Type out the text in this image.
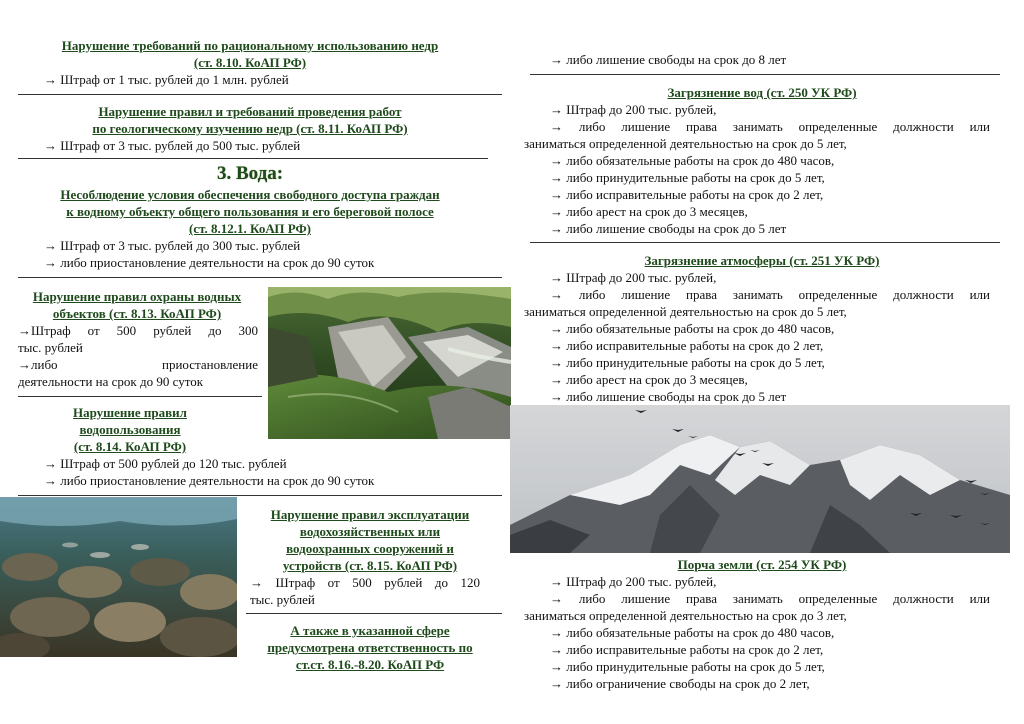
Нарушение требований по рациональному использованию недр
(ст. 8.10. КоАП РФ)
→ Штраф от 1 тыс. рублей до 1 млн. рублей
Нарушение правил и требований проведения работ
по геологическому изучению недр (ст. 8.11. КоАП РФ)
→ Штраф от 3 тыс. рублей до 500 тыс. рублей
3. Вода:
Несоблюдение условия обеспечения свободного доступа граждан
к водному объекту общего пользования и его береговой полосе
(ст. 8.12.1. КоАП РФ)
→ Штраф от 3 тыс. рублей до 300 тыс. рублей
→ либо приостановление деятельности на срок до 90 суток
Нарушение правил охраны водных
объектов (ст. 8.13. КоАП РФ)
→Штраф от 500 рублей до 300
тыс. рублей
→либо приостановление
деятельности на срок до 90 суток
Нарушение правил
водопользования
(ст. 8.14. КоАП РФ)
→ Штраф от 500 рублей до 120 тыс. рублей
→ либо приостановление деятельности на срок до 90 суток
Нарушение правил эксплуатации
водохозяйственных или
водоохранных сооружений и
устройств (ст. 8.15. КоАП РФ)
→ Штраф от 500 рублей до 120
тыс. рублей
А также в указанной сфере
предусмотрена ответственность по
ст.ст. 8.16.-8.20. КоАП РФ
→ либо лишение свободы на срок до 8 лет
Загрязнение вод (ст. 250 УК РФ)
→ Штраф до 200 тыс. рублей,
→ либо лишение права занимать определенные должности или
заниматься определенной деятельностью на срок до 5 лет,
→ либо обязательные работы на срок до 480 часов,
→ либо принудительные работы на срок до 5 лет,
→ либо исправительные работы на срок до 2 лет,
→ либо арест на срок до 3 месяцев,
→ либо лишение свободы на срок до 5 лет
Загрязнение атмосферы (ст. 251 УК РФ)
→ Штраф до 200 тыс. рублей,
→ либо лишение права занимать определенные должности или
заниматься определенной деятельностью на срок до 5 лет,
→ либо обязательные работы на срок до 480 часов,
→ либо исправительные работы на срок до 2 лет,
→ либо принудительные работы на срок до 5 лет,
→ либо арест на срок до 3 месяцев,
→ либо лишение свободы на срок до 5 лет
Порча земли (ст. 254 УК РФ)
→ Штраф до 200 тыс. рублей,
→ либо лишение права занимать определенные должности или
заниматься определенной деятельностью на срок до 3 лет,
→ либо обязательные работы на срок до 480 часов,
→ либо исправительные работы на срок до 2 лет,
→ либо принудительные работы на срок до 5 лет,
→ либо ограничение свободы на срок до 2 лет,
